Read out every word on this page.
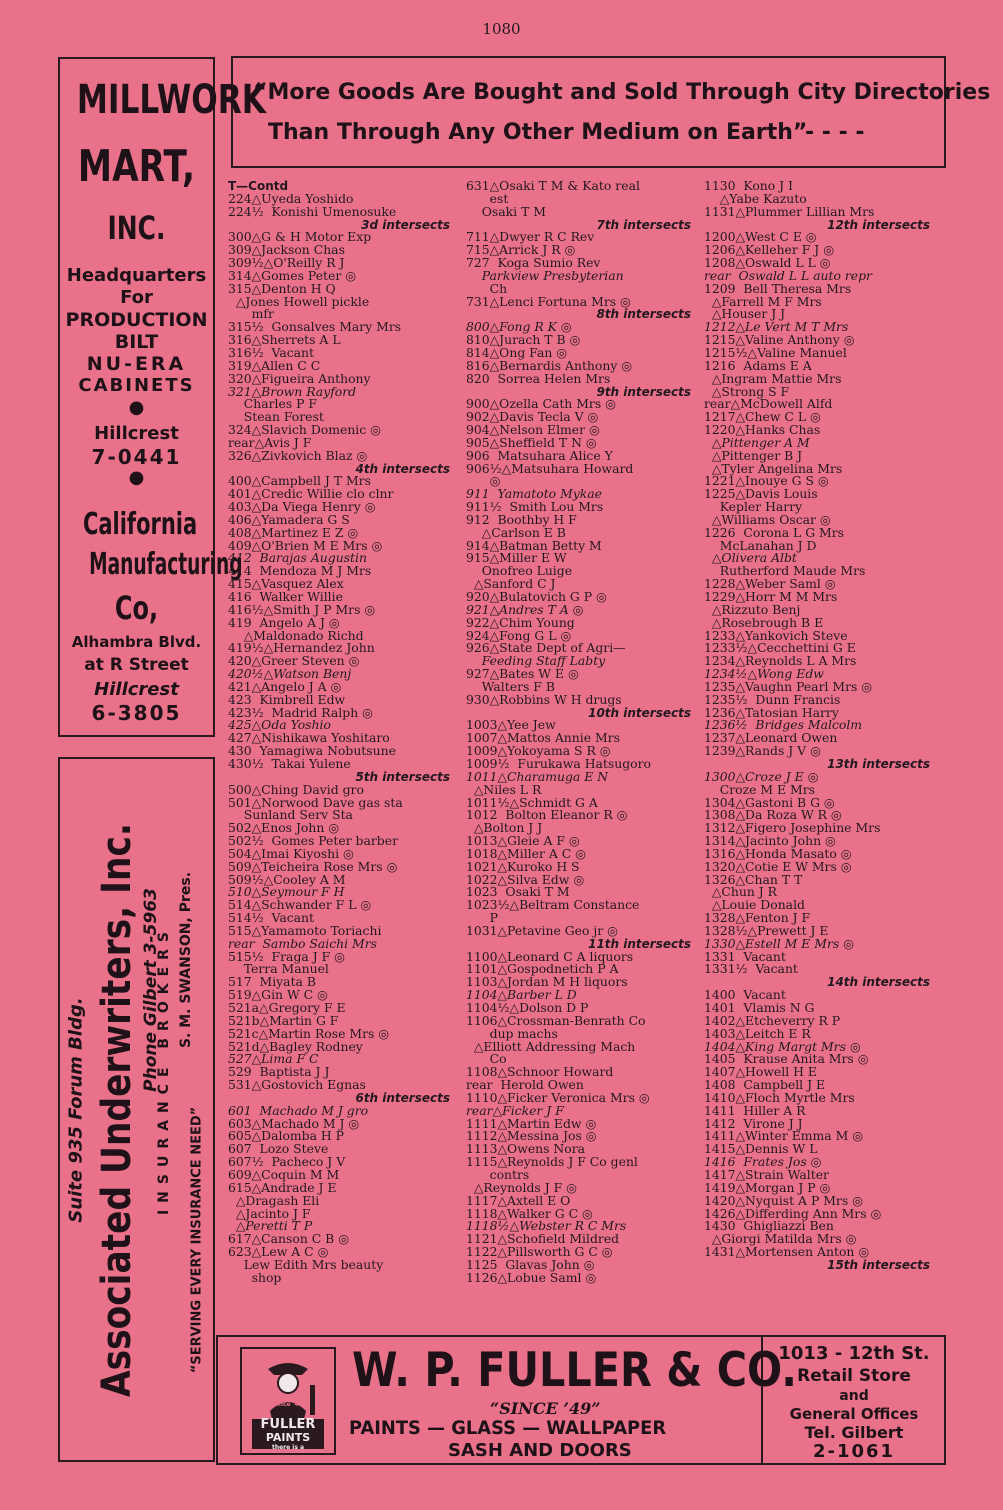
1080
“More Goods Are Bought and Sold Through City Directories
Than Through Any Other Medium on Earth”
- - - -
MILLWORK
MART,
INC.
Headquarters
For
PRODUCTION
BILT
NU-ERA
CABINETS
●
Hillcrest
7-0441
●
California
Manufacturing
Co,
Alhambra Blvd.
at R Street
Hillcrest
6-3805
Suite 935 Forum Bldg. Associated Underwriters, Inc. Phone Gilbert 3-5963
INSURANCE BROKERS S. M. SWANSON, Pres.
“SERVING EVERY INSURANCE NEED”
T—Contd
224△Uyeda Yoshido
224½  Konishi Umenosuke
3d intersects
300△G & H Motor Exp
309△Jackson Chas
309½△O'Reilly R J
314△Gomes Peter ◎
315△Denton H Q
△Jones Howell pickle
mfr
315½  Gonsalves Mary Mrs
316△Sherrets A L
316½  Vacant
319△Allen C C
320△Figueira Anthony
321△Brown Rayford
Charles P F
Stean Forest
324△Slavich Domenic ◎
rear△Avis J F
326△Zivkovich Blaz ◎
4th intersects
400△Campbell J T Mrs
401△Credic Willie clo clnr
403△Da Viega Henry ◎
406△Yamadera G S
408△Martinez E Z ◎
409△O'Brien M E Mrs ◎
412  Barajas Augustin
414  Mendoza M J Mrs
415△Vasquez Alex
416  Walker Willie
416½△Smith J P Mrs ◎
419  Angelo A J ◎
△Maldonado Richd
419½△Hernandez John
420△Greer Steven ◎
420½△Watson Benj
421△Angelo J A ◎
423  Kimbrell Edw
423½  Madrid Ralph ◎
425△Oda Yoshio
427△Nishikawa Yoshitaro
430  Yamagiwa Nobutsune
430½  Takai Yulene
5th intersects
500△Ching David gro
501△Norwood Dave gas sta
Sunland Serv Sta
502△Enos John ◎
502½  Gomes Peter barber
504△Imai Kiyoshi ◎
509△Teicheira Rose Mrs ◎
509½△Cooley A M
510△Seymour F H
514△Schwander F L ◎
514½  Vacant
515△Yamamoto Toriachi
rear  Sambo Saichi Mrs
515½  Fraga J F ◎
Terra Manuel
517  Miyata B
519△Gin W C ◎
521a△Gregory F E
521b△Martin G F
521c△Martin Rose Mrs ◎
521d△Bagley Rodney
527△Lima F C
529  Baptista J J
531△Gostovich Egnas
6th intersects
601  Machado M J gro
603△Machado M J ◎
605△Dalomba H P
607  Lozo Steve
607½  Pacheco J V
609△Coquin M M
615△Andrade J E
△Dragash Eli
△Jacinto J F
△Peretti T P
617△Canson C B ◎
623△Lew A C ◎
Lew Edith Mrs beauty
shop
631△Osaki T M & Kato real
est
Osaki T M
7th intersects
711△Dwyer R C Rev
715△Arrick J R ◎
727  Koga Sumio Rev
Parkview Presbyterian
Ch
731△Lenci Fortuna Mrs ◎
8th intersects
800△Fong R K ◎
810△Jurach T B ◎
814△Ong Fan ◎
816△Bernardis Anthony ◎
820  Sorrea Helen Mrs
9th intersects
900△Ozella Cath Mrs ◎
902△Davis Tecla V ◎
904△Nelson Elmer ◎
905△Sheffield T N ◎
906  Matsuhara Alice Y
906½△Matsuhara Howard
◎
911  Yamatoto Mykae
911½  Smith Lou Mrs
912  Boothby H F
△Carlson E B
914△Batman Betty M
915△Miller E W
Onofreo Luige
△Sanford C J
920△Bulatovich G P ◎
921△Andres T A ◎
922△Chim Young
924△Fong G L ◎
926△State Dept of Agri—
Feeding Staff Labty
927△Bates W E ◎
Walters F B
930△Robbins W H drugs
10th intersects
1003△Yee Jew
1007△Mattos Annie Mrs
1009△Yokoyama S R ◎
1009½  Furukawa Hatsugoro
1011△Charamuga E N
△Niles L R
1011½△Schmidt G A
1012  Bolton Eleanor R ◎
△Bolton J J
1013△Gleie A F ◎
1018△Miller A C ◎
1021△Kuroko H S
1022△Silva Edw ◎
1023  Osaki T M
1023½△Beltram Constance
P
1031△Petavine Geo jr ◎
11th intersects
1100△Leonard C A liquors
1101△Gospodnetich P A
1103△Jordan M H liquors
1104△Barber L D
1104½△Dolson D P
1106△Crossman-Benrath Co
dup machs
△Elliott Addressing Mach
Co
1108△Schnoor Howard
rear  Herold Owen
1110△Ficker Veronica Mrs ◎
rear△Ficker J F
1111△Martin Edw ◎
1112△Messina Jos ◎
1113△Owens Nora
1115△Reynolds J F Co genl
contrs
△Reynolds J F ◎
1117△Axtell E O
1118△Walker G C ◎
1118½△Webster R C Mrs
1121△Schofield Mildred
1122△Pillsworth G C ◎
1125  Glavas John ◎
1126△Lobue Saml ◎
1130  Kono J I
△Yabe Kazuto
1131△Plummer Lillian Mrs
12th intersects
1200△West C E ◎
1206△Kelleher F J ◎
1208△Oswald L L ◎
rear  Oswald L L auto repr
1209  Bell Theresa Mrs
△Farrell M F Mrs
△Houser J J
1212△Le Vert M T Mrs
1215△Valine Anthony ◎
1215½△Valine Manuel
1216  Adams E A
△Ingram Mattie Mrs
△Strong S F
rear△McDowell Alfd
1217△Chew C L ◎
1220△Hanks Chas
△Pittenger A M
△Pittenger B J
△Tyler Angelina Mrs
1221△Inouye G S ◎
1225△Davis Louis
Kepler Harry
△Williams Oscar ◎
1226  Corona L G Mrs
McLanahan J D
△Olivera Albt
Rutherford Maude Mrs
1228△Weber Saml ◎
1229△Horr M M Mrs
△Rizzuto Benj
△Rosebrough B E
1233△Yankovich Steve
1233½△Cecchettini G E
1234△Reynolds L A Mrs
1234½△Wong Edw
1235△Vaughn Pearl Mrs ◎
1235½  Dunn Francis
1236△Tatosian Harry
1236½  Bridges Malcolm
1237△Leonard Owen
1239△Rands J V ◎
13th intersects
1300△Croze J E ◎
Croze M E Mrs
1304△Gastoni B G ◎
1308△Da Roza W R ◎
1312△Figero Josephine Mrs
1314△Jacinto John ◎
1316△Honda Masato ◎
1320△Cotie E W Mrs ◎
1326△Chan T T
△Chun J R
△Louie Donald
1328△Fenton J F
1328½△Prewett J E
1330△Estell M E Mrs ◎
1331  Vacant
1331½  Vacant
14th intersects
1400  Vacant
1401  Vlamis N G
1402△Etcheverry R P
1403△Leitch E R
1404△King Margt Mrs ◎
1405  Krause Anita Mrs ◎
1407△Howell H E
1408  Campbell J E
1410△Floch Myrtle Mrs
1411  Hiller A R
1412  Virone J J
1411△Winter Emma M ◎
1415△Dennis W L
1416  Frates Jos ◎
1417△Strain Walter
1419△Morgan J P ◎
1420△Nyquist A P Mrs ◎
1426△Differding Ann Mrs ◎
1430  Ghigliazzi Ben
△Giorgi Matilda Mrs ◎
1431△Mortensen Anton ◎
15th intersects
since '49
FULLER
PAINTS
there is a
W. P. FULLER & CO.
“SINCE ’49”
PAINTS — GLASS — WALLPAPER
SASH AND DOORS
1013 - 12th St.
Retail Store
and
General Offices
Tel. Gilbert
2-1061
